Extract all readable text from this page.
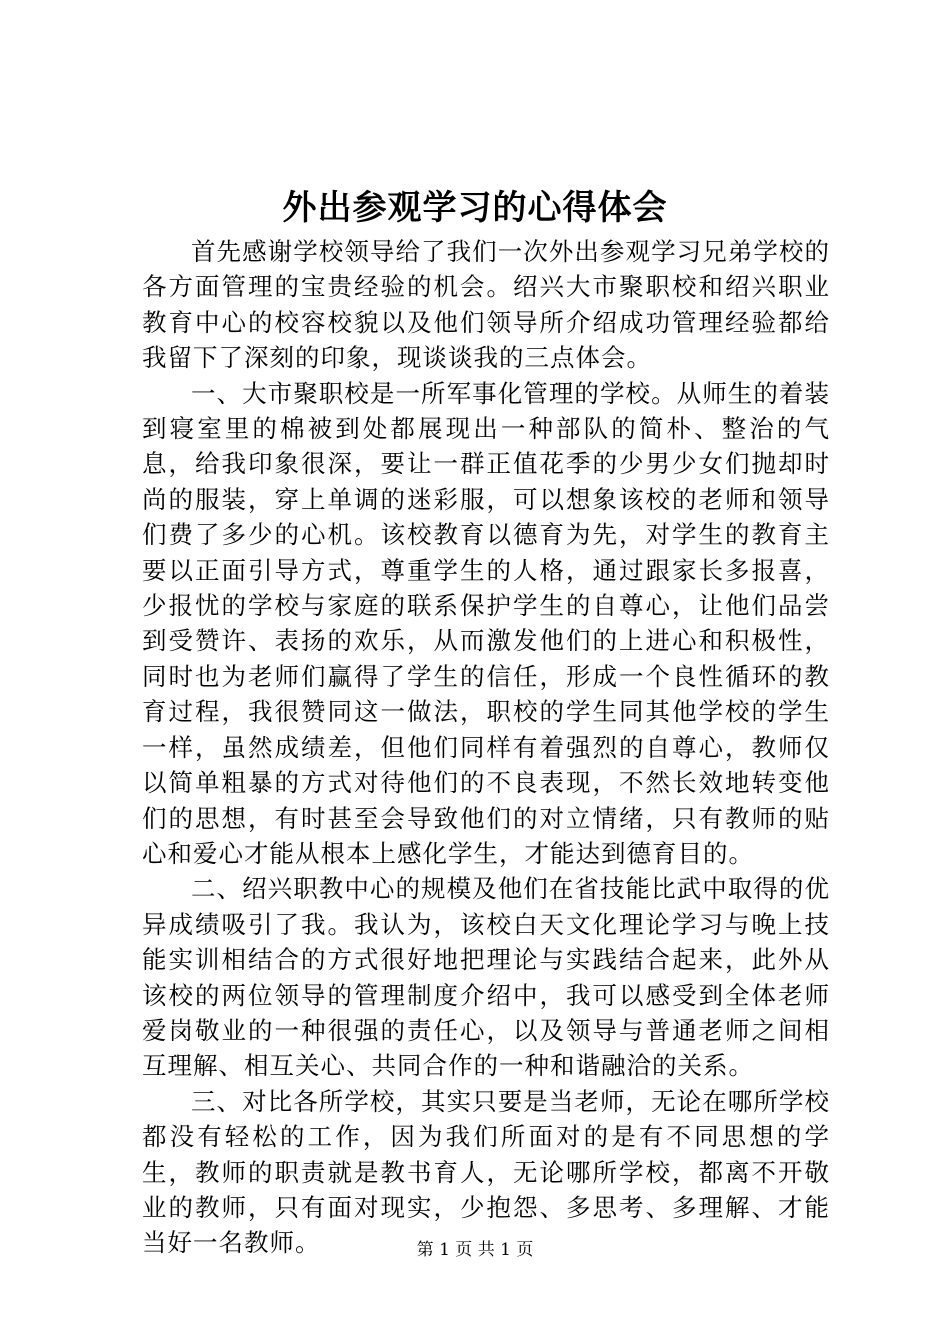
外出参观学习的心得体会

首先感谢学校领导给了我们一次外出参观学习兄弟学校的各方面管理的宝贵经验的机会。绍兴大市聚职校和绍兴职业教育中心的校容校貌以及他们领导所介绍成功管理经验都给我留下了深刻的印象，现谈谈我的三点体会。

一、大市聚职校是一所军事化管理的学校。从师生的着装到寝室里的棉被到处都展现出一种部队的简朴、整治的气息，给我印象很深，要让一群正值花季的少男少女们抛却时尚的服装，穿上单调的迷彩服，可以想象该校的老师和领导们费了多少的心机。该校教育以德育为先，对学生的教育主要以正面引导方式，尊重学生的人格，通过跟家长多报喜，少报忧的学校与家庭的联系保护学生的自尊心，让他们品尝到受赞许、表扬的欢乐，从而激发他们的上进心和积极性，同时也为老师们赢得了学生的信任，形成一个良性循环的教育过程，我很赞同这一做法，职校的学生同其他学校的学生一样，虽然成绩差，但他们同样有着强烈的自尊心，教师仅以简单粗暴的方式对待他们的不良表现，不然长效地转变他们的思想，有时甚至会导致他们的对立情绪，只有教师的贴心和爱心才能从根本上感化学生，才能达到德育目的。

二、绍兴职教中心的规模及他们在省技能比武中取得的优异成绩吸引了我。我认为，该校白天文化理论学习与晚上技能实训相结合的方式很好地把理论与实践结合起来，此外从该校的两位领导的管理制度介绍中，我可以感受到全体老师爱岗敬业的一种很强的责任心，以及领导与普通老师之间相互理解、相互关心、共同合作的一种和谐融洽的关系。

三、对比各所学校，其实只要是当老师，无论在哪所学校都没有轻松的工作，因为我们所面对的是有不同思想的学生，教师的职责就是教书育人，无论哪所学校，都离不开敬业的教师，只有面对现实，少抱怨、多思考、多理解、才能当好一名教师。	第 1 页 共 1 页
